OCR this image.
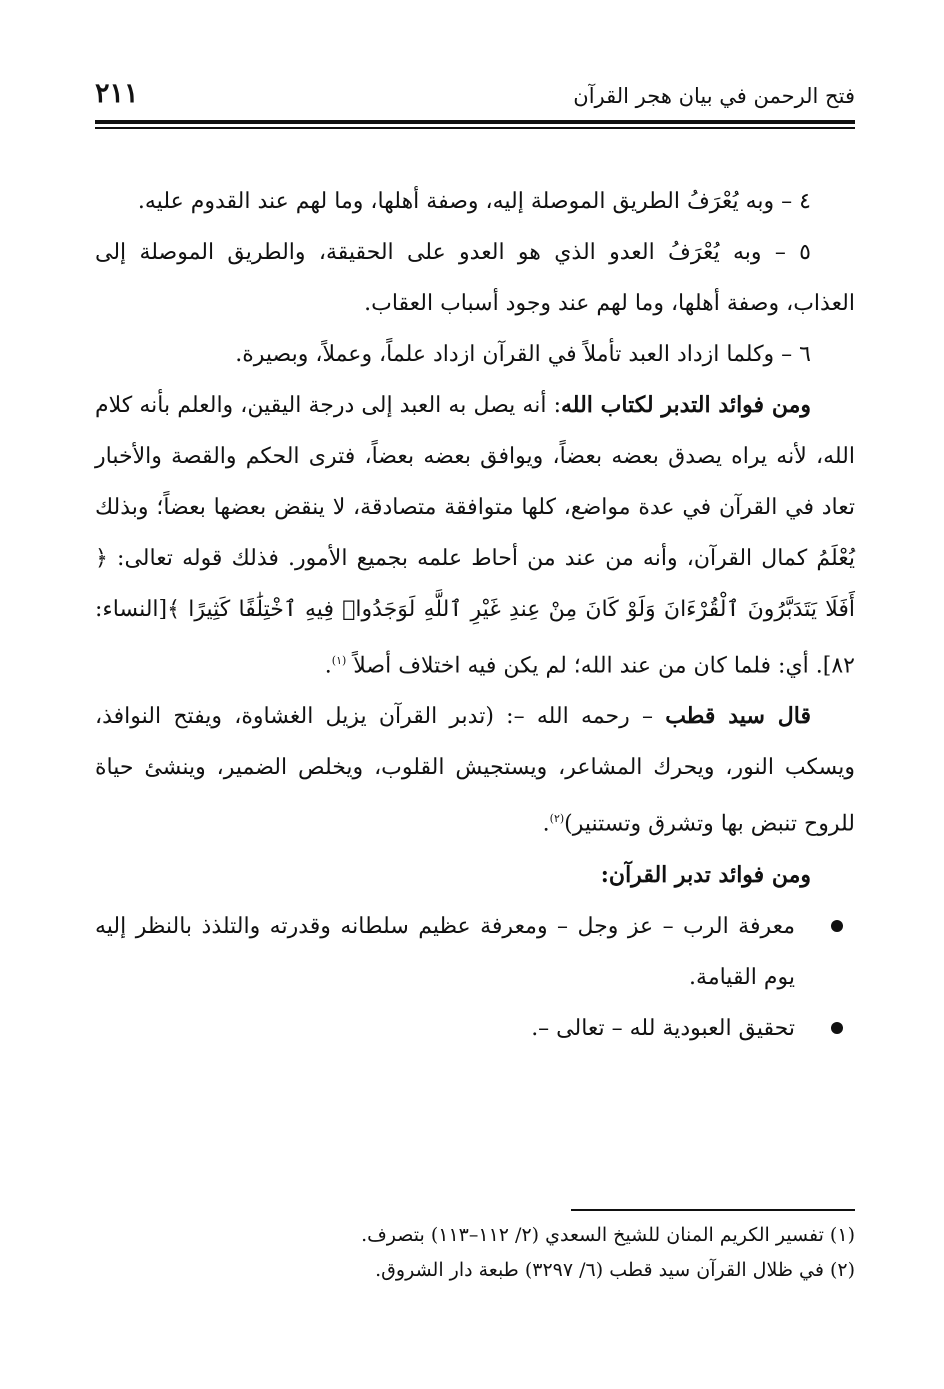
فتح الرحمن في بيان هجر القرآن
٢١١

٤ – وبه يُعْرَفُ الطريق الموصلة إليه، وصفة أهلها، وما لهم عند القدوم عليه.

٥ – وبه يُعْرَفُ العدو الذي هو العدو على الحقيقة، والطريق الموصلة إلى العذاب، وصفة أهلها، وما لهم عند وجود أسباب العقاب.

٦ – وكلما ازداد العبد تأملاً في القرآن ازداد علماً، وعملاً، وبصيرة.

ومن فوائد التدبر لكتاب الله: أنه يصل به العبد إلى درجة اليقين، والعلم بأنه كلام الله، لأنه يراه يصدق بعضه بعضاً، ويوافق بعضه بعضاً، فترى الحكم والقصة والأخبار تعاد في القرآن في عدة مواضع، كلها متوافقة متصادقة، لا ينقض بعضها بعضاً؛ وبذلك يُعْلَمُ كمال القرآن، وأنه من عند من أحاط علمه بجميع الأمور. فذلك قوله تعالى: ﴿ أَفَلَا يَتَدَبَّرُونَ ٱلْقُرْءَانَ وَلَوْ كَانَ مِنْ عِندِ غَيْرِ ٱللَّهِ لَوَجَدُوا۟ فِيهِ ٱخْتِلَٰفًا كَثِيرًا ﴾[النساء: ٨٢]. أي: فلما كان من عند الله؛ لم يكن فيه اختلاف أصلاً $^{(١)}$.

قال سيد قطب – رحمه الله –: (تدبر القرآن يزيل الغشاوة، ويفتح النوافذ، ويسكب النور، ويحرك المشاعر، ويستجيش القلوب، ويخلص الضمير، وينشئ حياة للروح تنبض بها وتشرق وتستنير)$^{(٢)}$.

ومن فوائد تدبر القرآن:

معرفة الرب – عز وجل – ومعرفة عظيم سلطانه وقدرته والتلذذ بالنظر إليه يوم القيامة.

تحقيق العبودية لله – تعالى –.

(١) تفسير الكريم المنان للشيخ السعدي (٢/ ١١٢–١١٣) بتصرف.

(٢) في ظلال القرآن سيد قطب (٦/ ٣٢٩٧) طبعة دار الشروق.
